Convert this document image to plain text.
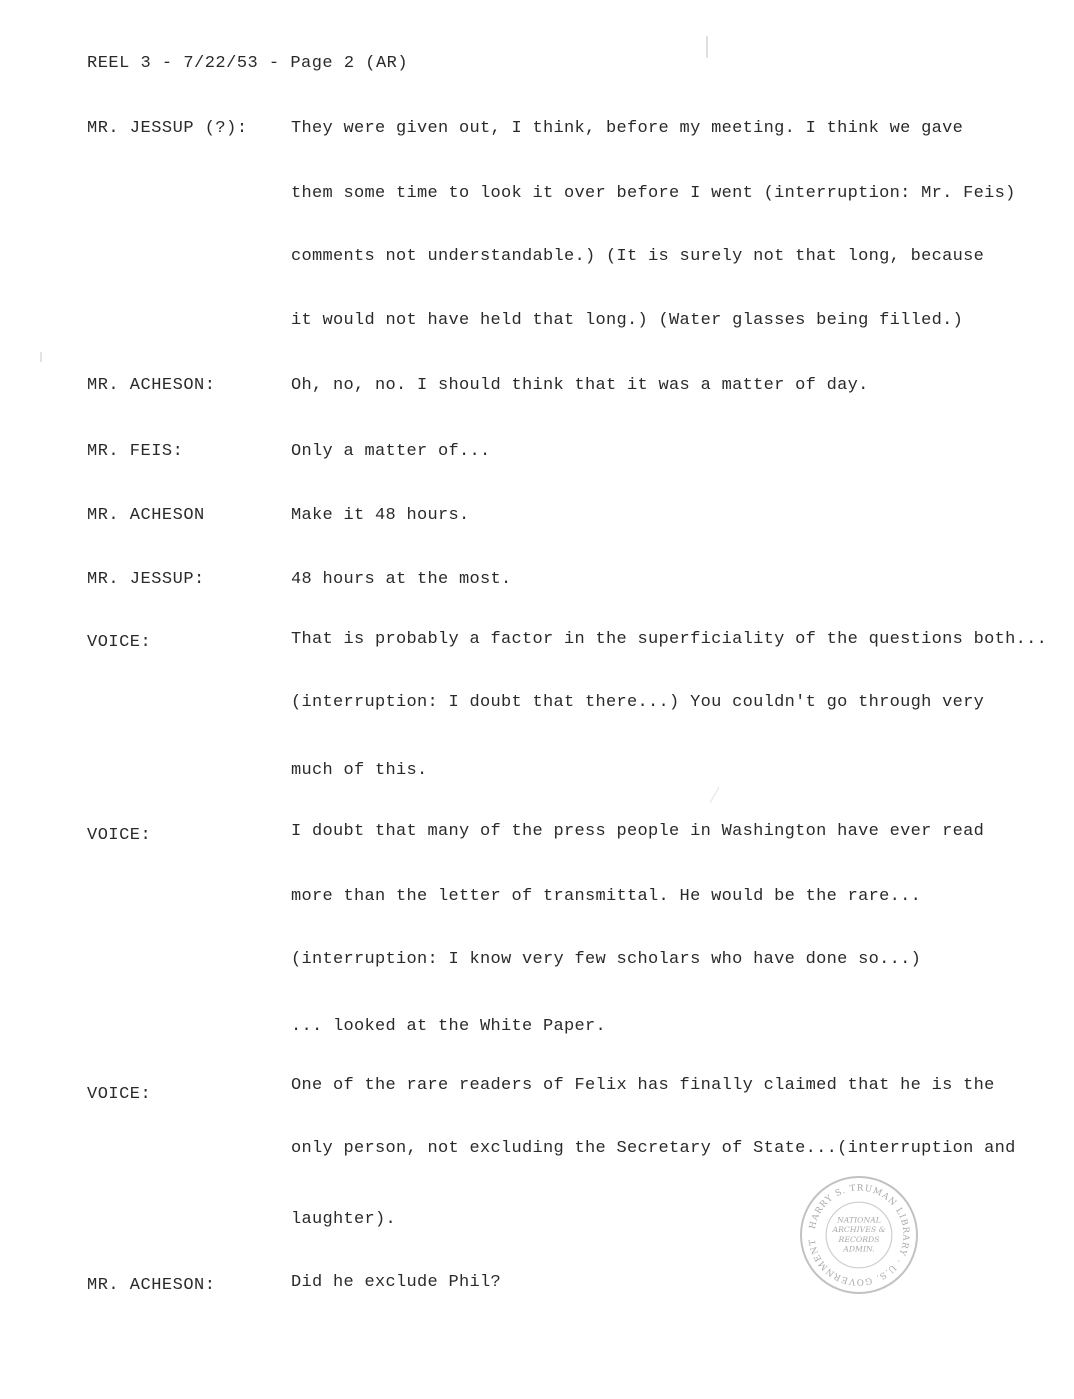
REEL 3 - 7/22/53 - Page 2 (AR)
MR. JESSUP (?):	They were given out, I think, before my meeting. I think we gave
them some time to look it over before I went (interruption: Mr. Feis)
comments not understandable.) (It is surely not that long, because
it would not have held that long.) (Water glasses being filled.)
MR. ACHESON:	Oh, no, no. I should think that it was a matter of day.
MR. FEIS:	Only a matter of...
MR. ACHESON	Make it 48 hours.
MR. JESSUP:	48 hours at the most.
VOICE:	That is probably a factor in the superficiality of the questions both...
(interruption: I doubt that there...) You couldn't go through very
much of this.
VOICE:	I doubt that many of the press people in Washington have ever read
more than the letter of transmittal. He would be the rare...
(interruption: I know very few scholars who have done so...)
... looked at the White Paper.
VOICE:	One of the rare readers of Felix has finally claimed that he is the
only person, not excluding the Secretary of State...(interruption and
laughter).
MR. ACHESON:	Did he exclude Phil?
HARRY S. TRUMAN LIBRARY · U.S. GOVERNMENT
NATIONAL
ARCHIVES &
RECORDS
ADMIN.
